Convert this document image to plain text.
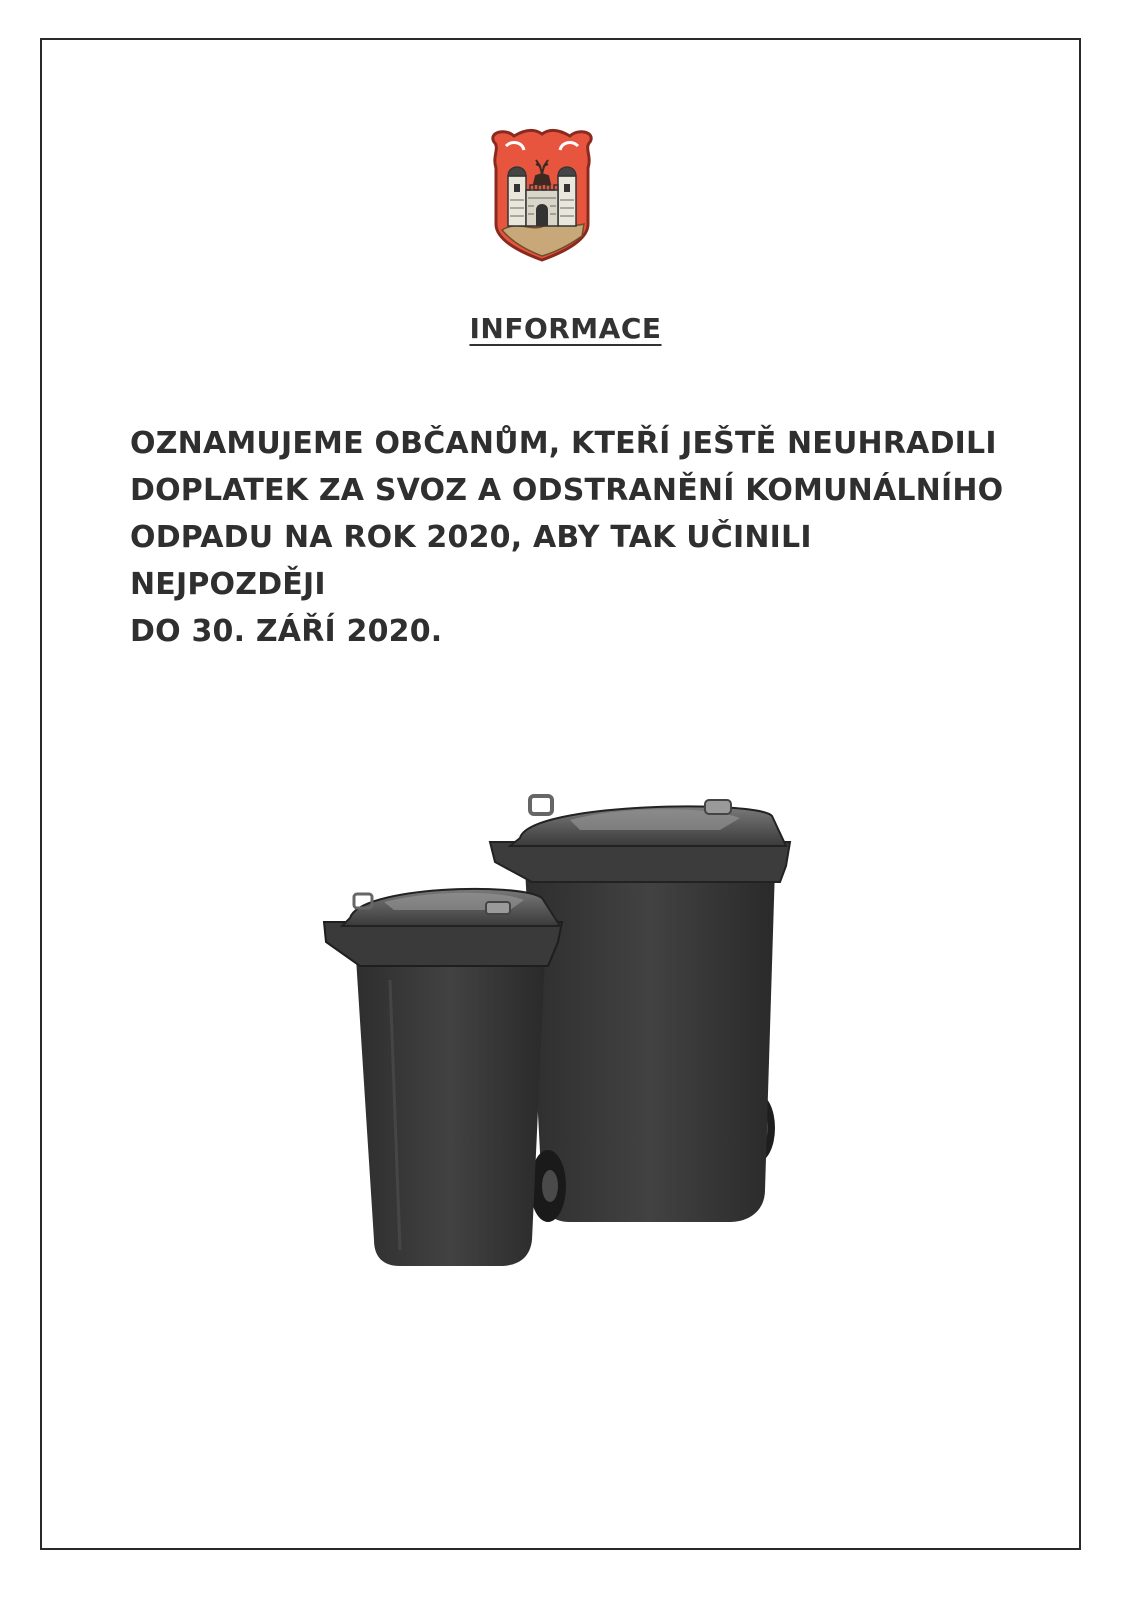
INFORMACE

OZNAMUJEME OBČANŮM, KTEŘÍ JEŠTĚ NEUHRADILI
DOPLATEK ZA SVOZ A ODSTRANĚNÍ KOMUNÁLNÍHO
ODPADU NA ROK 2020, ABY TAK UČINILI NEJPOZDĚJI
DO 30. ZÁŘÍ 2020.
